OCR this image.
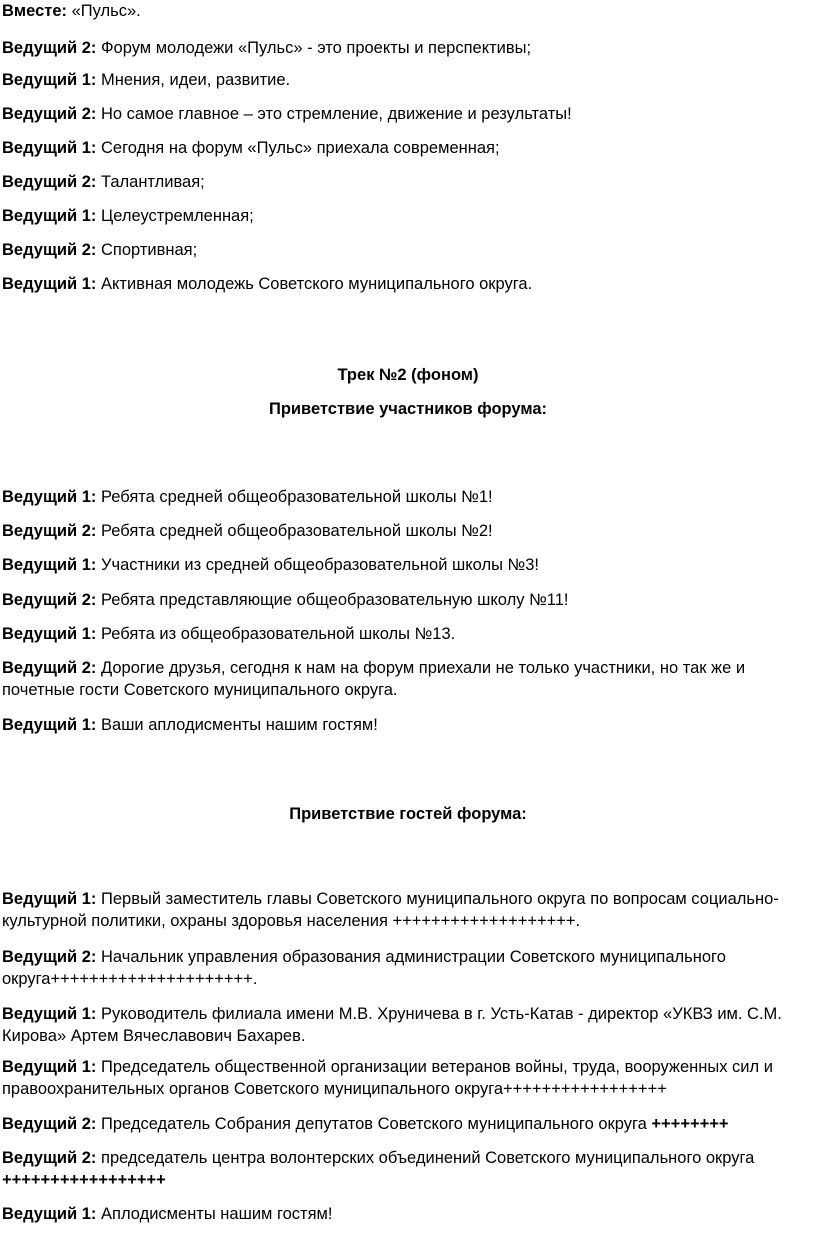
Вместе: «Пульс».
Ведущий 2: Форум молодежи «Пульс» - это проекты и перспективы;
Ведущий 1: Мнения, идеи, развитие.
Ведущий 2: Но самое главное – это стремление, движение и результаты!
Ведущий 1: Сегодня на форум «Пульс» приехала современная;
Ведущий 2: Талантливая;
Ведущий 1: Целеустремленная;
Ведущий 2: Спортивная;
Ведущий 1: Активная молодежь Советского муниципального округа.
Трек №2 (фоном)
Приветствие участников форума:
Ведущий 1: Ребята средней общеобразовательной школы №1!
Ведущий 2: Ребята средней общеобразовательной школы №2!
Ведущий 1: Участники из средней общеобразовательной школы №3!
Ведущий 2: Ребята представляющие общеобразовательную школу №11!
Ведущий 1: Ребята из общеобразовательной школы №13.
Ведущий 2: Дорогие друзья, сегодня к нам на форум приехали не только участники, но так же и почетные гости Советского муниципального округа.
Ведущий 1: Ваши аплодисменты нашим гостям!
Приветствие гостей форума:
Ведущий 1: Первый заместитель главы Советского муниципального округа по вопросам социально-культурной политики, охраны здоровья населения +++++++++++++++++++.
Ведущий 2: Начальник управления образования администрации Советского муниципального округа+++++++++++++++++++++.
Ведущий 1: Руководитель филиала имени М.В. Хруничева в г. Усть-Катав - директор «УКВЗ им. С.М. Кирова» Артем Вячеславович Бахарев.
Ведущий 1: Председатель общественной организации ветеранов войны, труда, вооруженных сил и правоохранительных органов Советского муниципального округа+++++++++++++++++
Ведущий 2: Председатель Собрания депутатов Советского муниципального округа ++++++++
Ведущий 2: председатель центра волонтерских объединений Советского муниципального округа +++++++++++++++++
Ведущий 1: Аплодисменты нашим гостям!
